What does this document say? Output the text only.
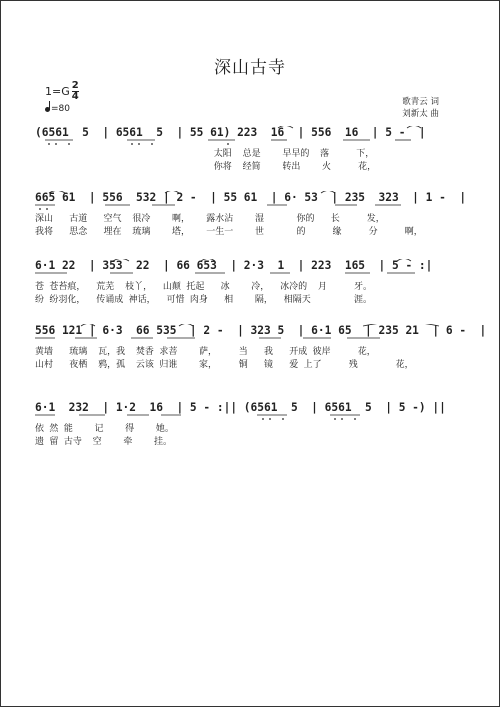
深山古寺
$1=G \frac{2}{4}$
=80
歌青云 词
刘新太 曲
(6561  5  | 6561  5  | 55 61) 223  16  | 556  16  | 5 -  |
太阳  总是    早早的  落     下，
你将  经简    转出    火     花，
665 61  | 556  532 | 2 -  | 55 61  | 6· 53  | 235  323  | 1 -  |
深山   古道   空气  很冷    啊，   露水沾    湿      你的   长     发，
我将   思念   埋在  琉璃    塔，   一生一    世      的     缘     分     啊，
6·1 22  | 353  22  | 66 653  | 2·3  1  | 223  165  | 5 - :|
苍 苍苔痕，  荒芜  枝丫，  山颠 托起   冰    冷，  冰冷的  月     牙。
纷 纷羽化，  传诵成 神话，  可惜 肉身   相    隔，  相隔天        涯。
556 121 | 6·3  66 535  | 2 -  | 323 5  | 6·1 65  | 235 21  | 6 -  |
黄墙   琉璃  瓦，我  焚香 求菩    萨，    当   我   开成 彼岸     花，
山村   夜栖  鸦，孤  云该 归谁    家，    铜   镜   爱 上了     残       花，
6·1  232  | 1·2  16  | 5 - :|| (6561  5  | 6561  5  | 5 -) ||
依 然 能    记    得    她。
遗 留 古寺  空    牵    挂。
